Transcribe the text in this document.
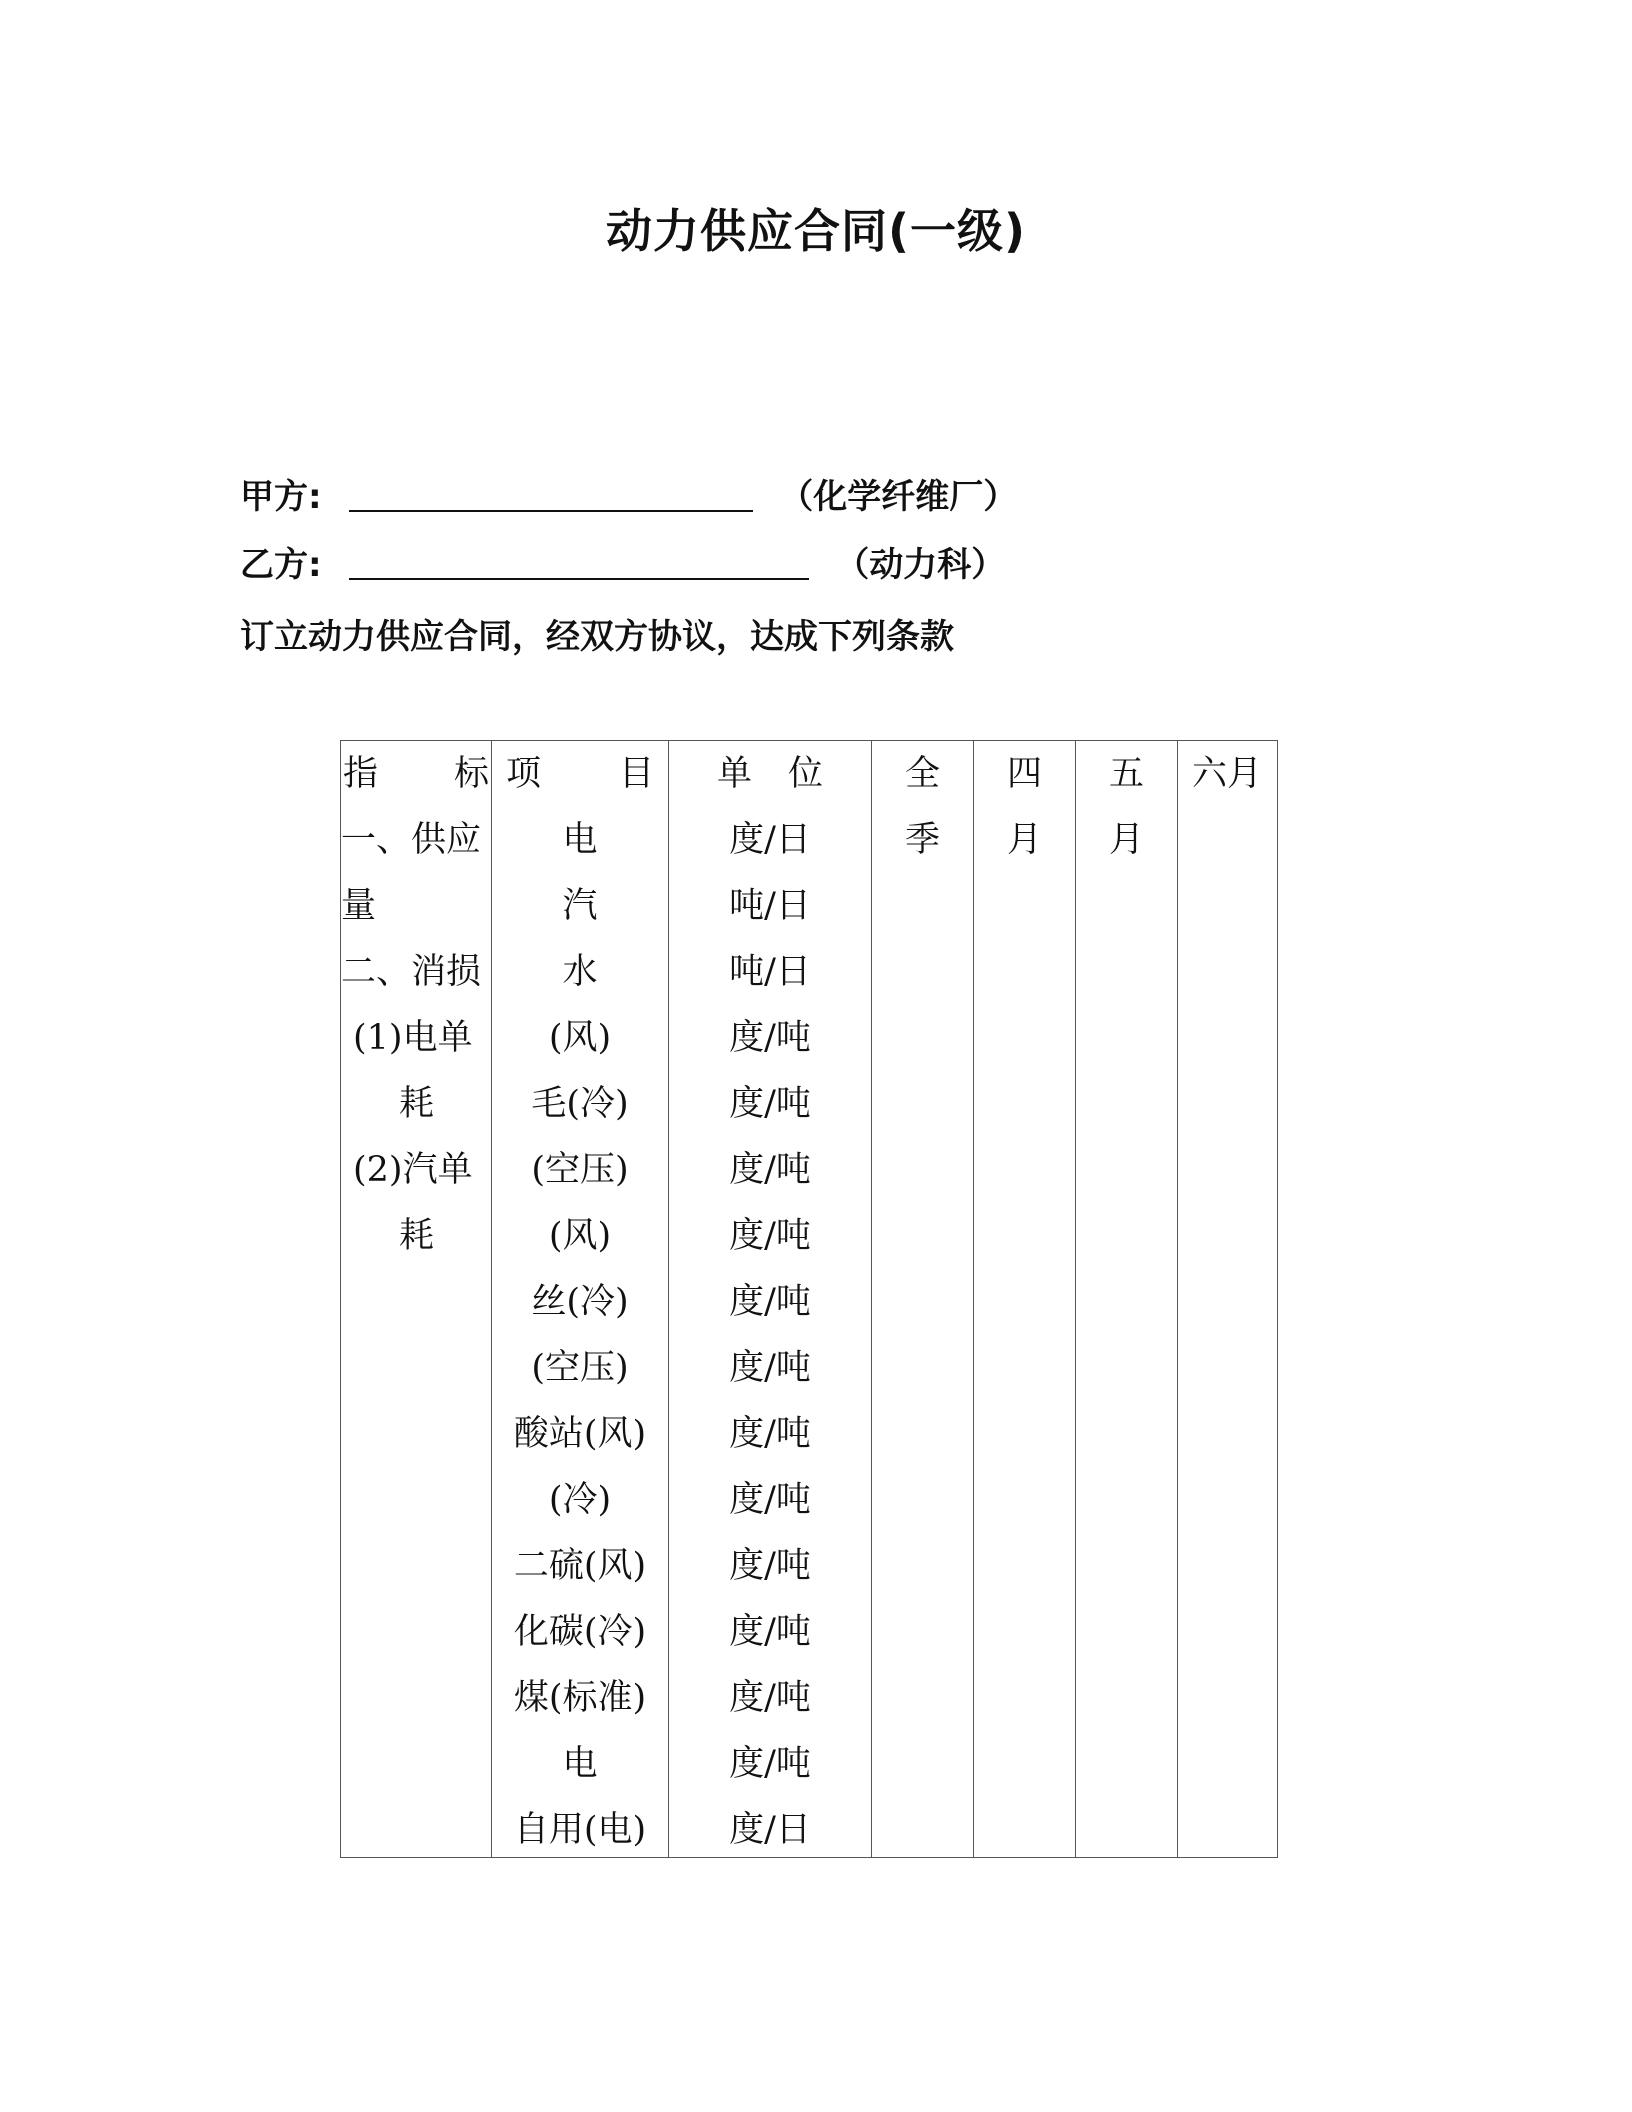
动力供应合同(一级)
甲方:	（化学纤维厂）
乙方:	（动力科）
订立动力供应合同，经双方协议，达成下列条款
指 标
一、供应
量
二、消损
(1)电单
耗
(2)汽单
耗
项 目
电
汽
水
(风)
毛(冷)
(空压)
(风)
丝(冷)
(空压)
酸站(风)
(冷)
二硫(风)
化碳(冷)
煤(标准)
电
自用(电)
单 位
度/日
吨/日
吨/日
度/吨
度/吨
度/吨
度/吨
度/吨
度/吨
度/吨
度/吨
度/吨
度/吨
度/吨
度/吨
度/日
全
季
四
月
五
月
六月
